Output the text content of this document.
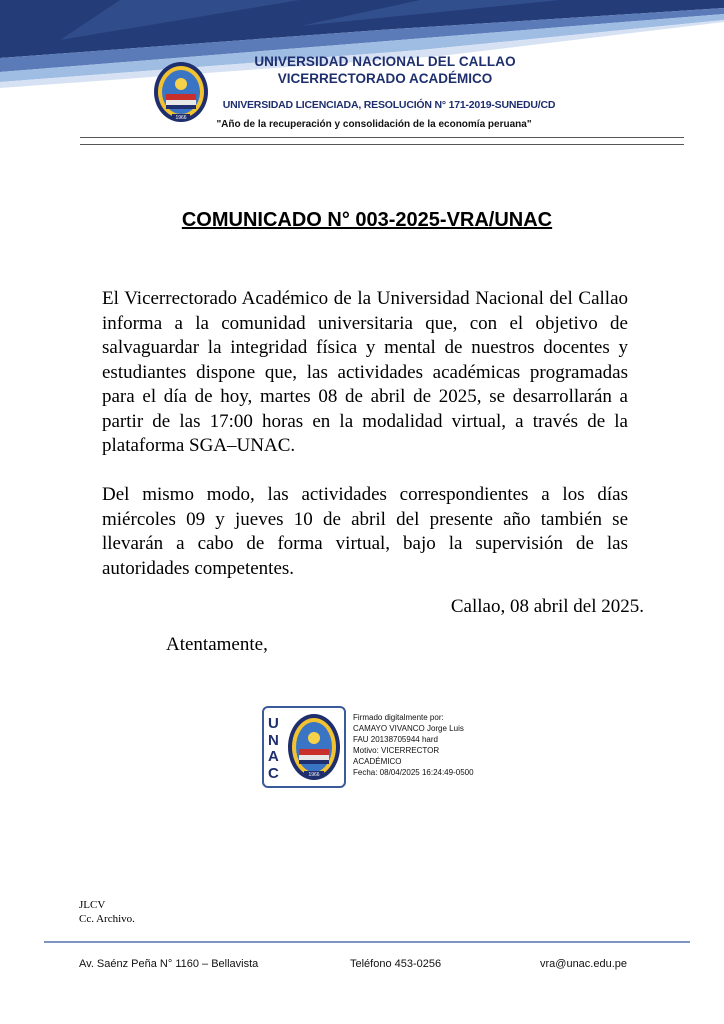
1966
UNIVERSIDAD NACIONAL DEL CALLAO
VICERRECTORADO ACADÉMICO
UNIVERSIDAD LICENCIADA, RESOLUCIÓN N° 171-2019-SUNEDU/CD
"Año de la recuperación y consolidación de la economía peruana"
COMUNICADO N° 003-2025-VRA/UNAC

El Vicerrectorado Académico de la Universidad Nacional del Callao informa a la comunidad universitaria que, con el objetivo de salvaguardar la integridad física y mental de nuestros docentes y estudiantes dispone que, las actividades académicas programadas para el día de hoy, martes 08 de abril de 2025, se desarrollarán a partir de las 17:00 horas en la modalidad virtual, a través de la plataforma SGA–UNAC.

Del mismo modo, las actividades correspondientes a los días miércoles 09 y jueves 10 de abril del presente año también se llevarán a cabo de forma virtual, bajo la supervisión de las autoridades competentes.

Callao, 08 abril del 2025.
Atentamente,
U
N
A
C	1966
Firmado digitalmente por:
CAMAYO VIVANCO Jorge Luis
FAU 20138705944 hard
Motivo: VICERRECTOR
ACADÉMICO
Fecha: 08/04/2025 16:24:49-0500
JLCV
Cc. Archivo.
Av. Saénz Peña N° 1160 – Bellavista	Teléfono 453-0256	vra@unac.edu.pe
